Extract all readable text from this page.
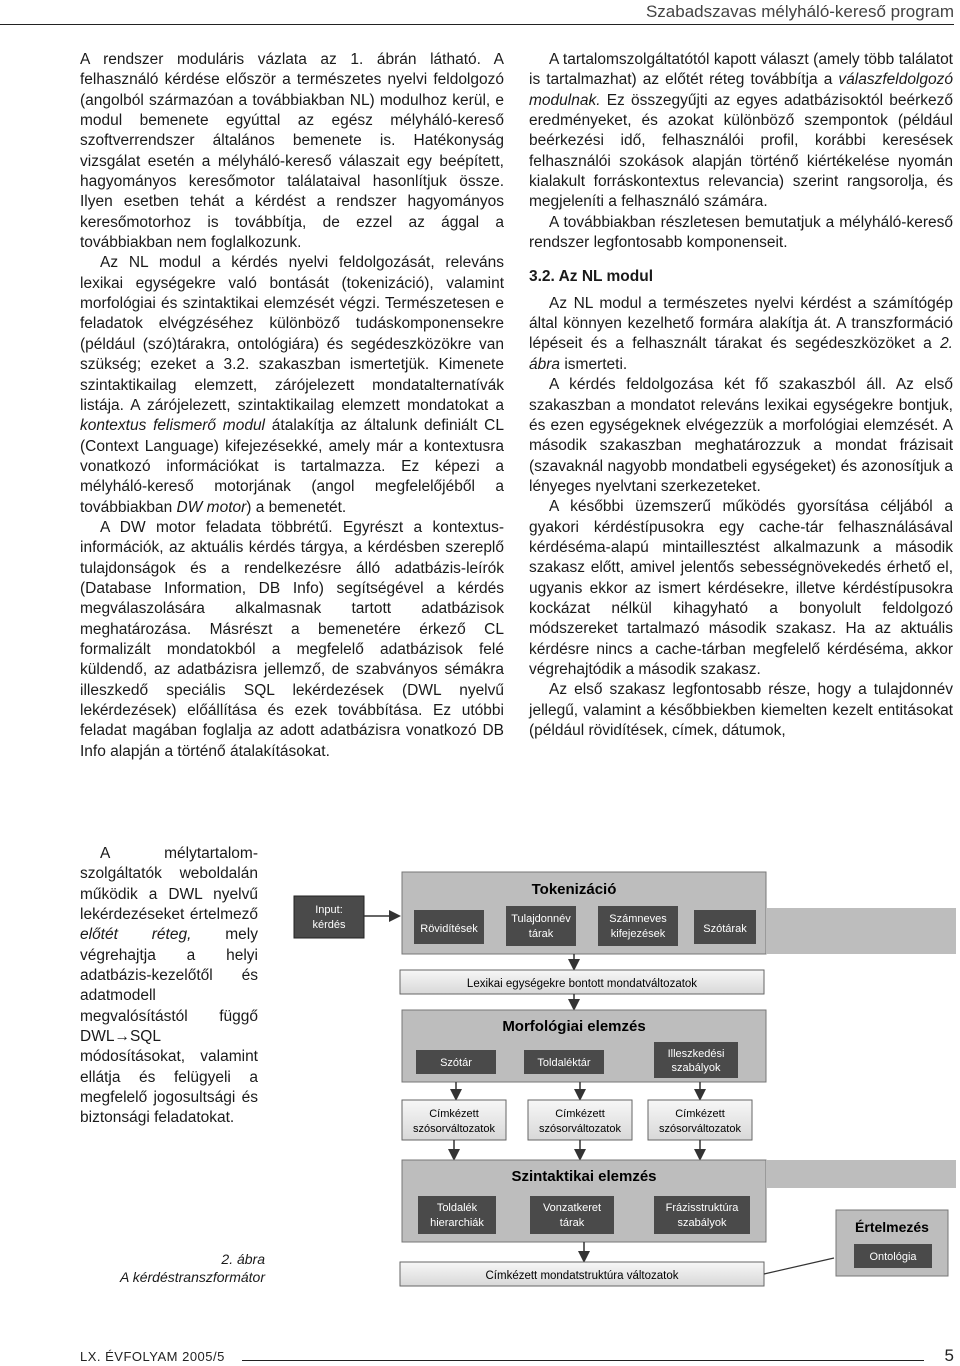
Szabadszavas mélyháló-kereső program

A rendszer moduláris vázlata az 1. ábrán látható. A felhasználó kérdése először a természetes nyelvi feldolgozó (angolból származóan a továbbiakban NL) modulhoz kerül, e modul bemenete egyúttal az egész mélyháló-kereső szoftverrendszer általános bemenete is. Hatékonyság vizsgálat esetén a mélyháló-kereső válaszait egy beépített, hagyományos keresőmotor találataival hasonlítjuk össze. Ilyen esetben tehát a kérdést a rendszer hagyományos keresőmotorhoz is továbbítja, de ezzel az ággal a továbbiakban nem foglalkozunk.

Az NL modul a kérdés nyelvi feldolgozását, releváns lexikai egységekre való bontását (tokenizáció), valamint morfológiai és szintaktikai elemzését végzi. Természetesen e feladatok elvégzéséhez különböző tudáskomponensekre (például (szó)tárakra, ontológiára) és segédeszközökre van szükség; ezeket a 3.2. szakaszban ismertetjük. Kimenete szintaktikailag elemzett, zárójelezett mondatalternatívák listája. A zárójelezett, szintaktikailag elemzett mondatokat a kontextus felismerő modul átalakítja az általunk definiált CL (Context Language) kifejezésekké, amely már a kontextusra vonatkozó információkat is tartalmazza. Ez képezi a mélyháló-kereső motorjának (angol megfelelőjéből a továbbiakban DW motor) a bemenetét.

A DW motor feladata többrétű. Egyrészt a kontextus-információk, az aktuális kérdés tárgya, a kérdésben szereplő tulajdonságok és a rendelkezésre álló adatbázis-leírók (Database Information, DB Info) segítségével a kérdés megválaszolására alkalmasnak tartott adatbázisok meghatározása. Másrészt a bemenetére érkező CL formalizált mondatokból a megfelelő adatbázisok felé küldendő, az adatbázisra jellemző, de szabványos sémákra illeszkedő speciális SQL lekérdezések (DWL nyelvű lekérdezések) előállítása és ezek továbbítása. Ez utóbbi feladat magában foglalja az adott adatbázisra vonatkozó DB Info alapján a történő átalakításokat.

A mélytartalom-szolgáltatók weboldalán működik a DWL nyelvű lekérdezéseket értelmező előtét réteg, mely végrehajtja a helyi adatbázis-kezelőtől és adatmodell megvalósítástól függő DWL→SQL módosításokat, valamint ellátja és felügyeli a megfelelő jogosultsági és biztonsági feladatokat.

A tartalomszolgáltatótól kapott választ (amely több találatot is tartalmazhat) az előtét réteg továbbítja a válaszfeldolgozó modulnak. Ez összegyűjti az egyes adatbázisoktól beérkező eredményeket, és azokat különböző szempontok (például beérkezési idő, felhasználói profil, korábbi keresések felhasználói szokások alapján történő kiértékelése nyomán kialakult forráskontextus relevancia) szerint rangsorolja, és megjeleníti a felhasználó számára.

A továbbiakban részletesen bemutatjuk a mélyháló-kereső rendszer legfontosabb komponenseit.

3.2. Az NL modul

Az NL modul a természetes nyelvi kérdést a számítógép által könnyen kezelhető formára alakítja át. A transzformáció lépéseit és a felhasznált tárakat és segédeszközöket a 2. ábra ismerteti.

A kérdés feldolgozása két fő szakaszból áll. Az első szakaszban a mondatot releváns lexikai egységekre bontjuk, és ezen egységeknek elvégezzük a morfológiai elemzését. A második szakaszban meghatározzuk a mondat frázisait (szavaknál nagyobb mondatbeli egységeket) és azonosítjuk a lényeges nyelvtani szerkezeteket.

A későbbi üzemszerű működés gyorsítása céljából a gyakori kérdéstípusokra egy cache-tár felhasználásával kérdéséma-alapú mintaillesztést alkalmazunk a második szakasz előtt, amivel jelentős sebességnövekedés érhető el, ugyanis ekkor az ismert kérdésekre, illetve kérdéstípusokra kockázat nélkül kihagyható a bonyolult feldolgozó módszereket tartalmazó második szakasz. Ha az aktuális kérdésre nincs a cache-tárban megfelelő kérdéséma, akkor végrehajtódik a második szakasz.

Az első szakasz legfontosabb része, hogy a tulajdonnév jellegű, valamint a későbbiekben kiemelten kezelt entitásokat (például rövidítések, címek, dátumok,

Input:
kérdés
Tokenizáció
Rövidítések
Tulajdonnév
tárak
Számneves
kifejezések	Szótárak
Lexikai egységekre bontott mondatváltozatok
Morfológiai elemzés
Szótár	Toldaléktár
Illeszkedési
szabályok
Címkézett
szósorváltozatok
Címkézett
szósorváltozatok
Címkézett
szósorváltozatok
Szintaktikai elemzés
Toldalék
hierarchiák
Vonzatkeret
tárak
Frázisstruktúra
szabályok	Értelmezés
Ontológia
Címkézett mondatstruktúra változatok
2. ábra
A kérdéstranszformátor
LX. ÉVFOLYAM 2005/5	5
